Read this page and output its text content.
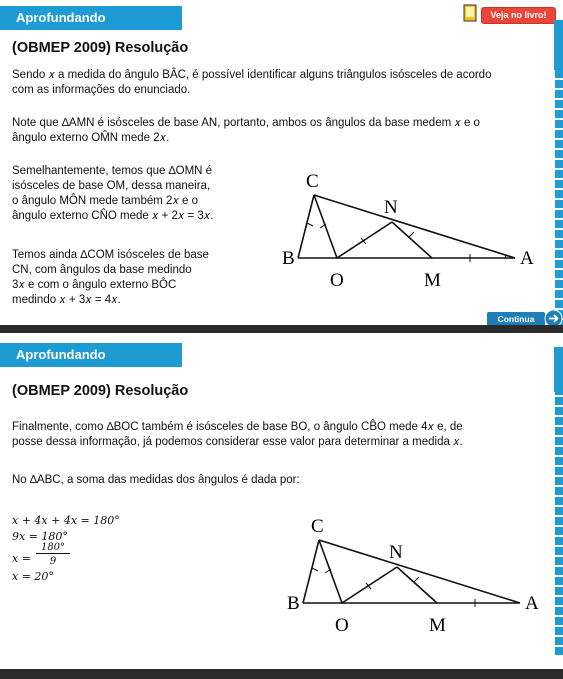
Aprofundando	Veja no livro!
(OBMEP 2009) Resolução
Sendo 𝑥 a medida do ângulo BÂC, é possível identificar alguns triângulos isósceles de acordo
com as informações do enunciado.
Note que ∆AMN é isósceles de base AN, portanto, ambos os ângulos da base medem 𝑥 e o
ângulo externo OM̂N mede 2𝑥.
Semelhantemente, temos que ∆OMN é
isósceles de base OM, dessa maneira,
o ângulo MÔN mede também 2𝑥 e o
ângulo externo CN̂O mede 𝑥 + 2𝑥 = 3𝑥.
Temos ainda ∆COM isósceles de base
CN, com ângulos da base medindo
3𝑥 e com o ângulo externo BÔC
medindo 𝑥 + 3𝑥 = 4𝑥.
C
N
B	A
O	M
Continua
Aprofundando
(OBMEP 2009) Resolução
Finalmente, como ∆BOC também é isósceles de base BO, o ângulo CB̂O mede 4𝑥 e, de
posse dessa informação, já podemos considerar esse valor para determinar a medida 𝑥.
No ∆ABC, a soma das medidas dos ângulos é dada por:
𝑥 + 4𝑥 + 4𝑥 = 180°
9𝑥 = 180°
𝑥 =
180°
9
𝑥 = 20°
C
N
B	A
O	M
